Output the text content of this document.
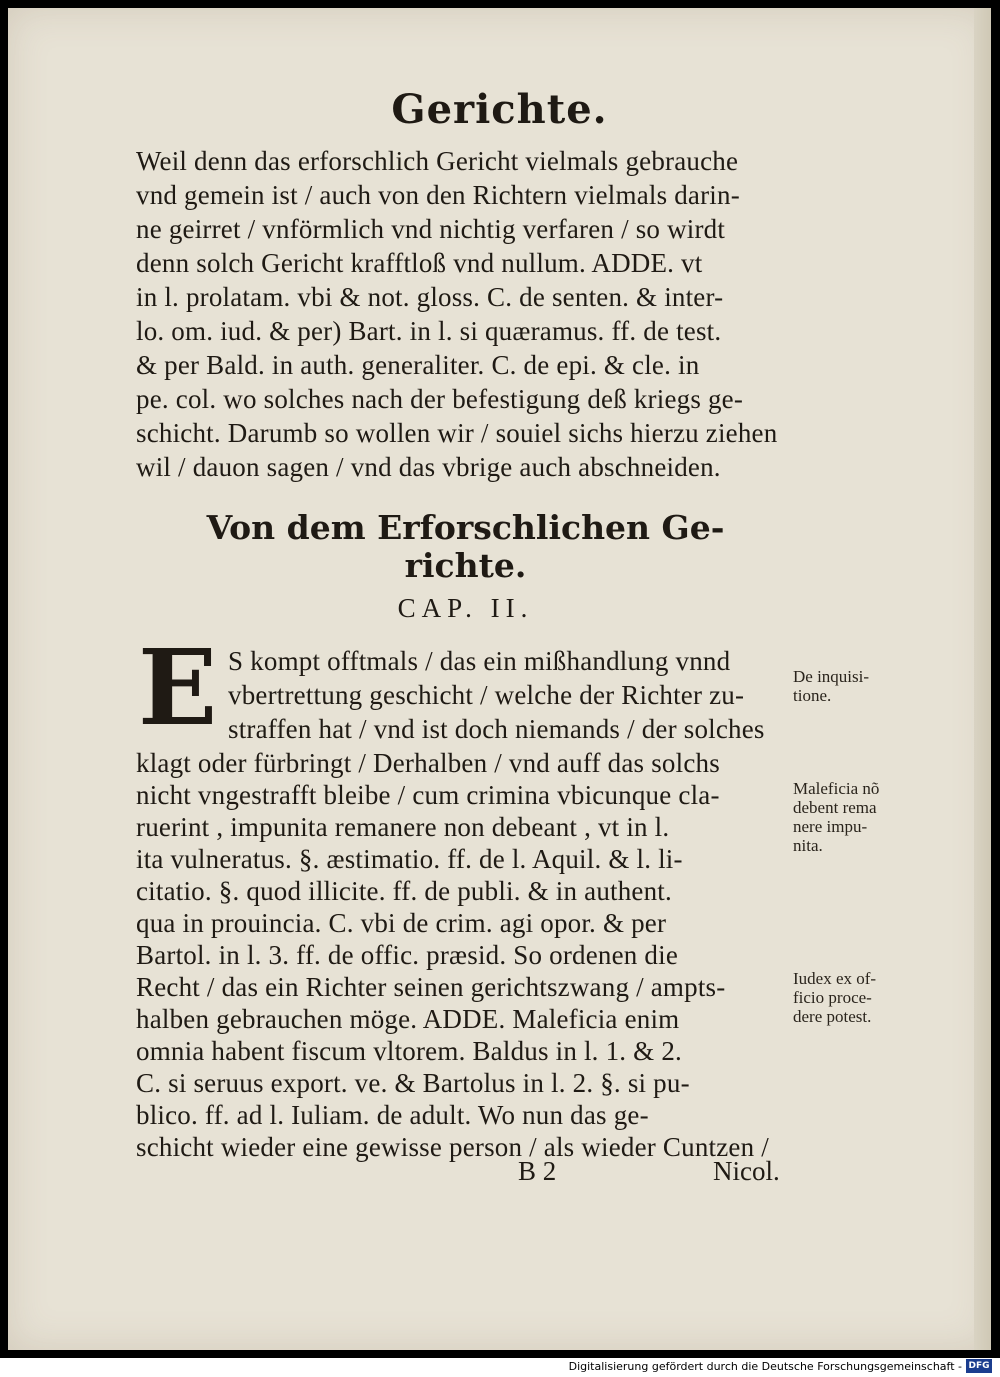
Gerichte.
Weil denn das erforschlich Gericht vielmals gebrauche
vnd gemein ist / auch von den Richtern vielmals darin-
ne geirret / vnförmlich vnd nichtig verfaren / so wirdt
denn solch Gericht krafftloß vnd nullum. ADDE. vt
in l. prolatam. vbi & not. gloss. C. de senten. & inter-
lo. om. iud. & per) Bart. in l. si quæramus. ff. de test.
& per Bald. in auth. generaliter. C. de epi. & cle. in
pe. col. wo solches nach der befestigung deß kriegs ge-
schicht. Darumb so wollen wir / souiel sichs hierzu ziehen
wil / dauon sagen / vnd das vbrige auch abschneiden.
Von dem Erforschlichen Ge-
richte.
CAP. II.
E S kompt offtmals / das ein mißhandlung vnnd
vbertrettung geschicht / welche der Richter zu-
straffen hat / vnd ist doch niemands / der solches
klagt oder fürbringt / Derhalben / vnd auff das solchs
nicht vngestrafft bleibe / cum crimina vbicunque cla-
ruerint , impunita remanere non debeant , vt in l.
ita vulneratus. §. æstimatio. ff. de l. Aquil. & l. li-
citatio. §. quod illicite. ff. de publi. & in authent.
qua in prouincia. C. vbi de crim. agi opor. & per
Bartol. in l. 3. ff. de offic. præsid. So ordenen die
Recht / das ein Richter seinen gerichtszwang / ampts-
halben gebrauchen möge. ADDE. Maleficia enim
omnia habent fiscum vltorem. Baldus in l. 1. & 2.
C. si seruus export. ve. & Bartolus in l. 2. §. si pu-
blico. ff. ad l. Iuliam. de adult. Wo nun das ge-
schicht wieder eine gewisse person / als wieder Cuntzen /
De inquisi-
tione.
Maleficia nõ
debent rema
nere impu-
nita.
Iudex ex of-
ficio proce-
dere potest.
B 2	Nicol.
Digitalisierung gefördert durch die Deutsche Forschungsgemeinschaft - DFG
